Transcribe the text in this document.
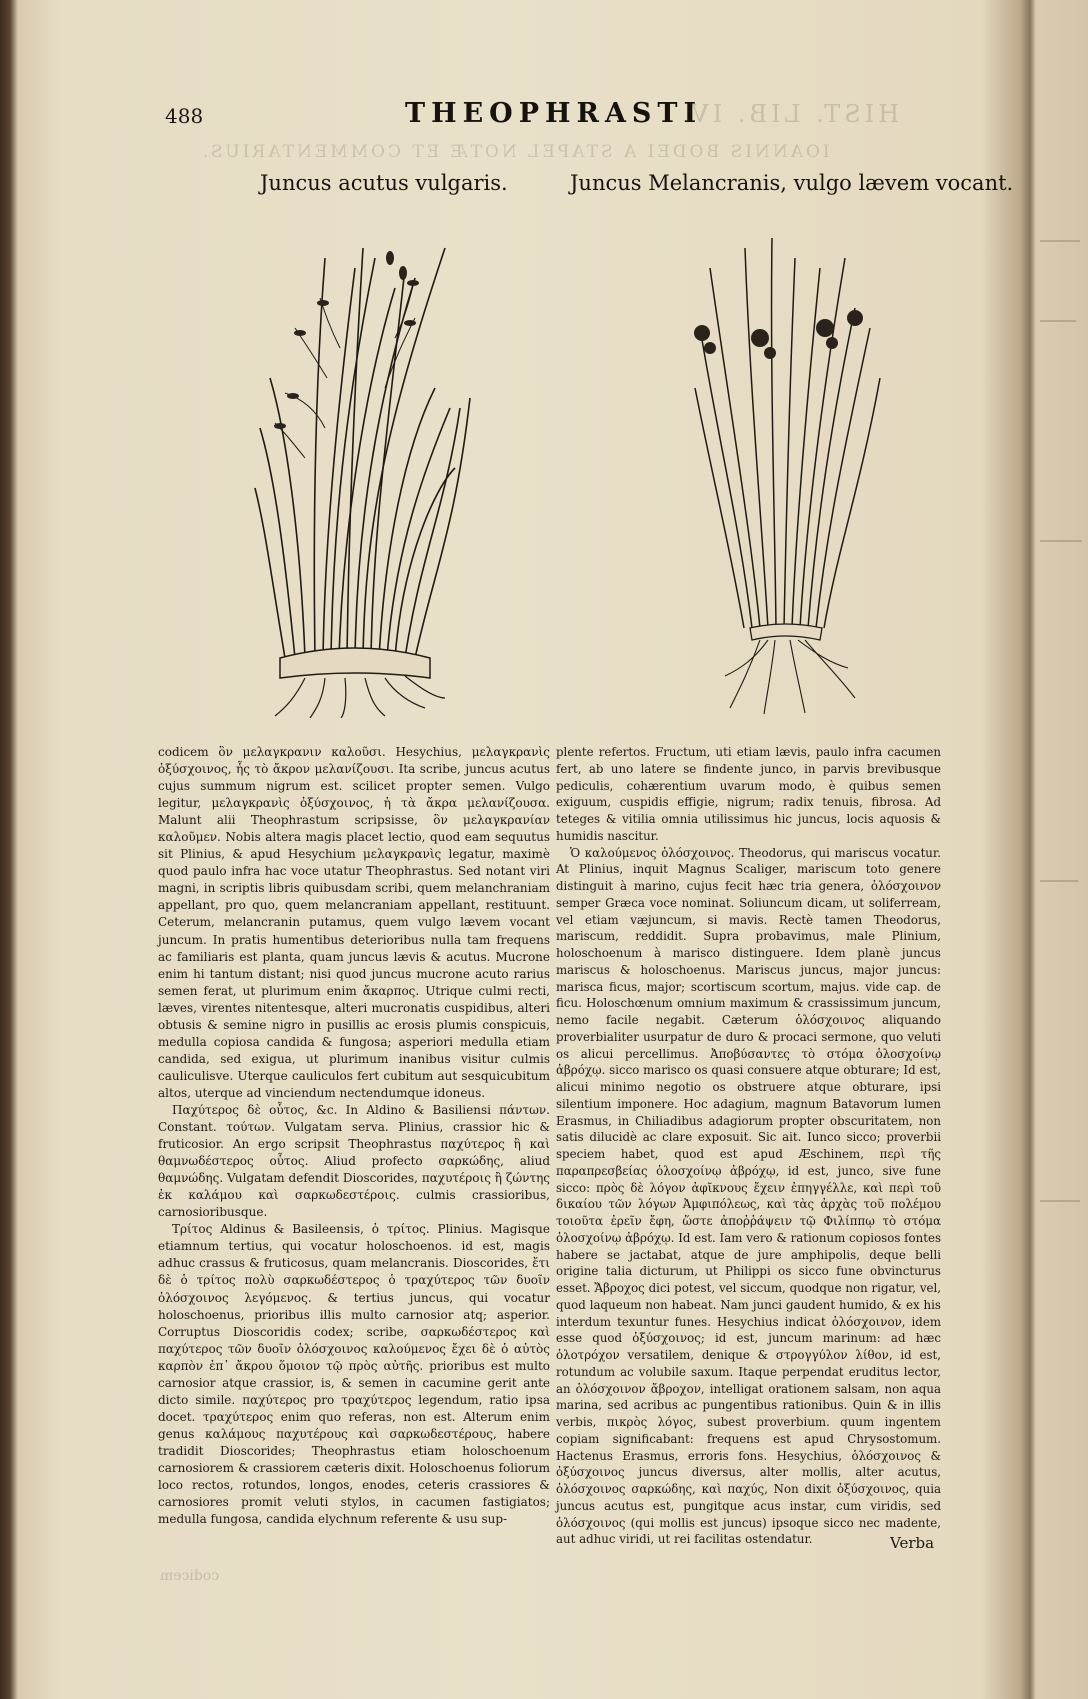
488	THEOPHRASTI
HIST. LIB. IV.
IOANNIS BODEI A STAPEL NOTÆ ET COMMENTARIUS.
Juncus acutus vulgaris.	Juncus Melancranis, vulgo lævem vocant.

codicem ὃν μελαγκρανιν καλοῦσι. Hesychius, μελαγκρανὶς ὀξύσχοινος, ἧς τὸ ἄκρον μελανίζουσι. Ita scribe, juncus acutus cujus summum nigrum est. scilicet propter semen. Vulgo legitur, μελαγκρανὶς ὀξύσχοινος, ἡ τὰ ἄκρα μελανίζουσα. Malunt alii Theophrastum scripsisse, ὃν μελαγκρανίαν καλοῦμεν. Nobis altera magis placet lectio, quod eam sequutus sit Plinius, & apud Hesychium μελαγκρανὶς legatur, maximè quod paulo infra hac voce utatur Theophrastus. Sed notant viri magni, in scriptis libris quibusdam scribi, quem melanchraniam appellant, pro quo, quem melancraniam appellant, restituunt. Ceterum, melancranin putamus, quem vulgo lævem vocant juncum. In pratis humentibus deterioribus nulla tam frequens ac familiaris est planta, quam juncus lævis & acutus. Mucrone enim hi tantum distant; nisi quod juncus mucrone acuto rarius semen ferat, ut plurimum enim ἄκαρπος. Utrique culmi recti, læves, virentes nitentesque, alteri mucronatis cuspidibus, alteri obtusis & semine nigro in pusillis ac erosis plumis conspicuis, medulla copiosa candida & fungosa; asperiori medulla etiam candida, sed exigua, ut plurimum inanibus visitur culmis cauliculisve. Uterque cauliculos fert cubitum aut sesquicubitum altos, uterque ad vinciendum nectendumque idoneus.

Παχύτερος δὲ οὗτος, &c. In Aldino & Basiliensi πάντων. Constant. τούτων. Vulgatam serva. Plinius, crassior hic & fruticosior. An ergo scripsit Theophrastus παχύτερος ἢ καὶ θαμνωδέστερος οὗτος. Aliud profecto σαρκώδης, aliud θαμνώδης. Vulgatam defendit Dioscorides, παχυτέροις ἢ ζώντης ἐκ καλάμου καὶ σαρκωδεστέροις. culmis crassioribus, carnosioribusque.

Τρίτος Aldinus & Basileensis, ὁ τρίτος. Plinius. Magisque etiamnum tertius, qui vocatur holoschoenos. id est, magis adhuc crassus & fruticosus, quam melancranis. Dioscorides, ἔτι δὲ ὁ τρίτος πολὺ σαρκωδέστερος ὁ τραχύτερος τῶν δυοῖν ὁλόσχοινος λεγόμενος. & tertius juncus, qui vocatur holoschoenus, prioribus illis multo carnosior atq; asperior. Corruptus Dioscoridis codex; scribe, σαρκωδέστερος καὶ παχύτερος τῶν δυοῖν ὁλόσχοινος καλούμενος ἔχει δὲ ὁ αὐτὸς καρπὸν ἐπ᾽ ἄκρου ὅμοιον τῷ πρὸς αὐτῆς. prioribus est multo carnosior atque crassior, is, & semen in cacumine gerit ante dicto simile. παχύτερος pro τραχύτερος legendum, ratio ipsa docet. τραχύτερος enim quo referas, non est. Alterum enim genus καλάμους παχυτέρους καὶ σαρκωδεστέρους, habere tradidit Dioscorides; Theophrastus etiam holoschoenum carnosiorem & crassiorem cæteris dixit. Holoschoenus foliorum loco rectos, rotundos, longos, enodes, ceteris crassiores & carnosiores promit veluti stylos, in cacumen fastigiatos; medulla fungosa, candida elychnum referente & usu sup-

codicem

plente refertos. Fructum, uti etiam lævis, paulo infra cacumen fert, ab uno latere se findente junco, in parvis brevibusque pediculis, cohærentium uvarum modo, è quibus semen exiguum, cuspidis effigie, nigrum; radix tenuis, fibrosa. Ad teteges & vitilia omnia utilissimus hic juncus, locis aquosis & humidis nascitur.

Ὁ καλούμενος ὁλόσχοινος. Theodorus, qui mariscus vocatur. At Plinius, inquit Magnus Scaliger, mariscum toto genere distinguit à marino, cujus fecit hæc tria genera, ὁλόσχοινον semper Græca voce nominat. Soliuncum dicam, ut soliferream, vel etiam væjuncum, si mavis. Rectè tamen Theodorus, mariscum, reddidit. Supra probavimus, male Plinium, holoschoenum à marisco distinguere. Idem planè juncus mariscus & holoschoenus. Mariscus juncus, major juncus: marisca ficus, major; scortiscum scortum, majus. vide cap. de ficu. Holoschœnum omnium maximum & crassissimum juncum, nemo facile negabit. Cæterum ὁλόσχοινος aliquando proverbialiter usurpatur de duro & procaci sermone, quo veluti os alicui percellimus. Ἀποβύσαντες τὸ στόμα ὁλοσχοίνῳ ἀβρόχῳ. sicco marisco os quasi consuere atque obturare; Id est, alicui minimo negotio os obstruere atque obturare, ipsi silentium imponere. Hoc adagium, magnum Batavorum lumen Erasmus, in Chiliadibus adagiorum propter obscuritatem, non satis dilucidè ac clare exposuit. Sic ait. Iunco sicco; proverbii speciem habet, quod est apud Æschinem, περὶ τῆς παραπρεσβείας ὁλοσχοίνῳ ἀβρόχῳ, id est, junco, sive fune sicco: πρὸς δὲ λόγον ἀφῖκνους ἔχειν ἐπηγγέλλε, καὶ περὶ τοῦ δικαίου τῶν λόγων Ἀμφιπόλεως, καὶ τὰς ἀρχὰς τοῦ πολέμου τοιοῦτα ἐρεῖν ἔφη, ὥστε ἀποῤῥάψειν τῷ Φιλίππῳ τὸ στόμα ὁλοσχοίνῳ ἀβρόχῳ. Id est. Iam vero & rationum copiosos fontes habere se jactabat, atque de jure amphipolis, deque belli origine talia dicturum, ut Philippi os sicco fune obvincturus esset. Ἄβροχος dici potest, vel siccum, quodque non rigatur, vel, quod laqueum non habeat. Nam junci gaudent humido, & ex his interdum texuntur funes. Hesychius indicat ὁλόσχοινον, idem esse quod ὀξύσχοινος; id est, juncum marinum: ad hæc ὁλοτρόχον versatilem, denique & στρογγύλον λίθον, id est, rotundum ac volubile saxum. Itaque perpendat eruditus lector, an ὁλόσχοινον ἄβροχον, intelligat orationem salsam, non aqua marina, sed acribus ac pungentibus rationibus. Quin & in illis verbis, πικρὸς λόγος, subest proverbium. quum ingentem copiam significabant: frequens est apud Chrysostomum. Hactenus Erasmus, erroris fons. Hesychius, ὁλόσχοινος & ὀξύσχοινος juncus diversus, alter mollis, alter acutus, ὁλόσχοινος σαρκώδης, καὶ παχύς, Non dixit ὀξύσχοινος, quia juncus acutus est, pungitque acus instar, cum viridis, sed ὁλόσχοινος (qui mollis est juncus) ipsoque sicco nec madente, aut adhuc viridi, ut rei facilitas ostendatur.	Verba
